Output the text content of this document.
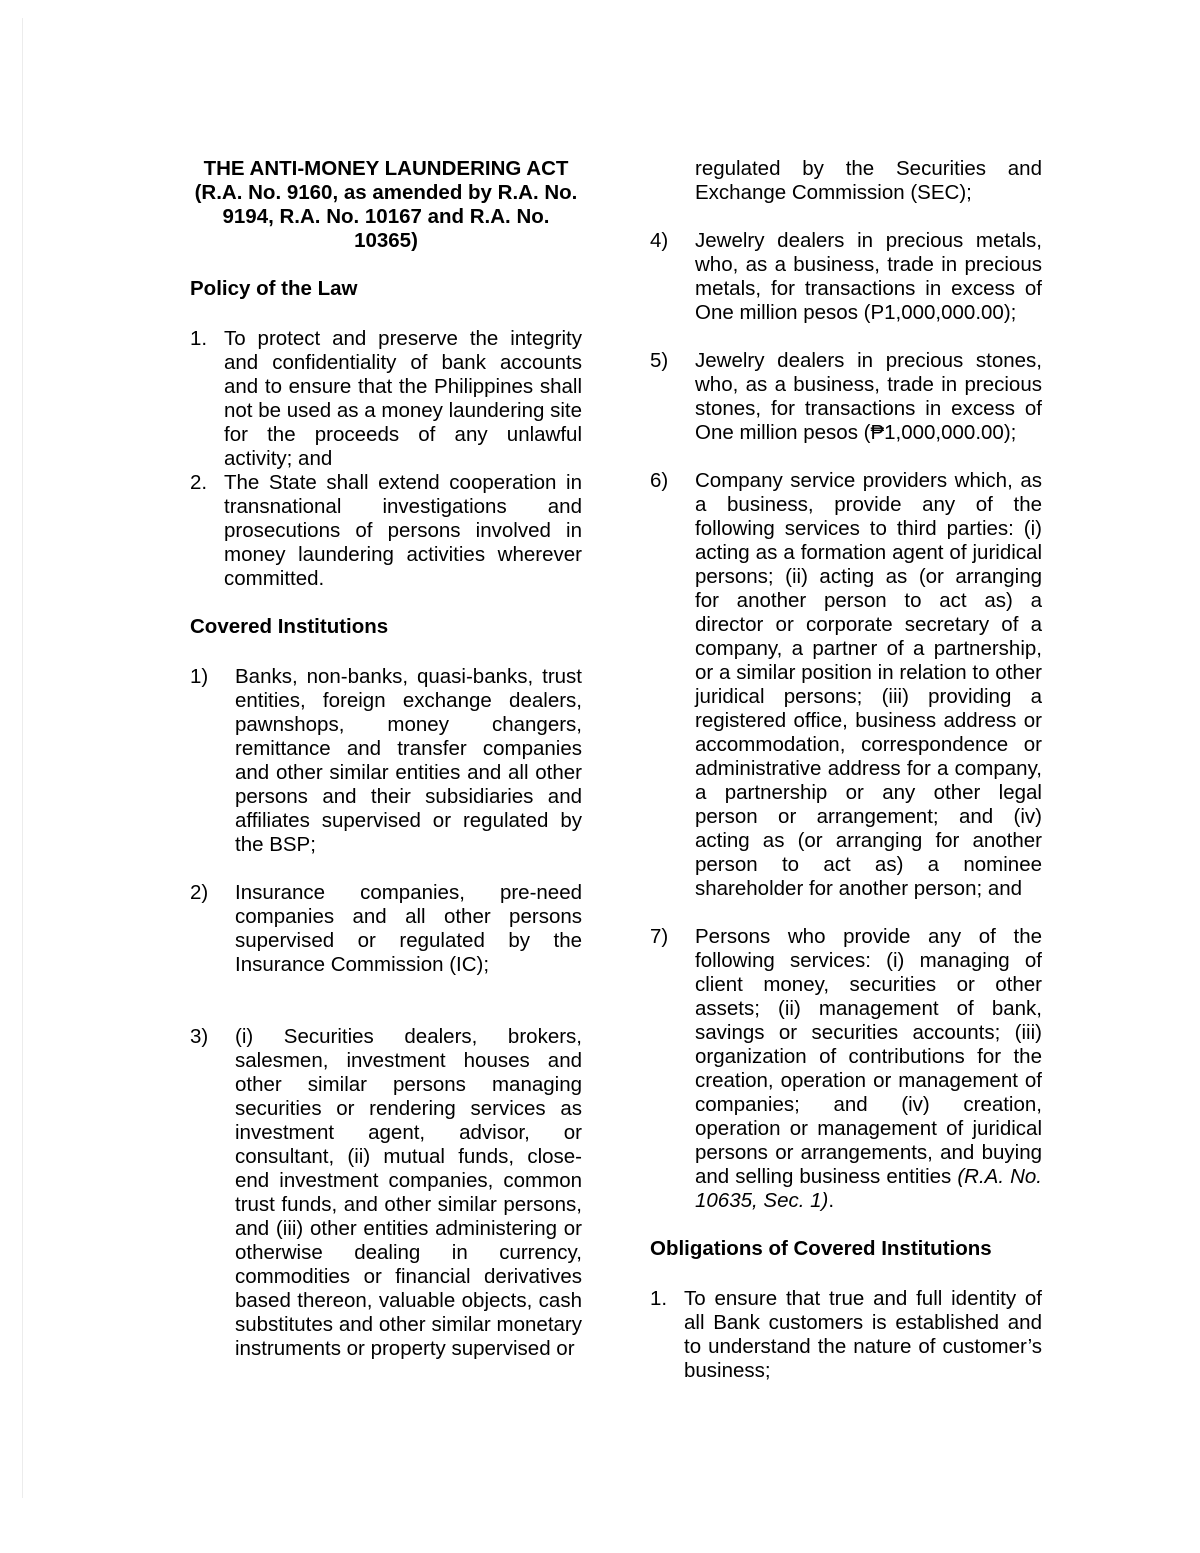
THE ANTI-MONEY LAUNDERING ACT
(R.A. No. 9160, as amended by R.A. No.
9194, R.A. No. 10167 and R.A. No.
10365)

Policy of the Law

1. To protect and preserve the integrity and confidentiality of bank accounts and to ensure that the Philippines shall not be used as a money laundering site for the proceeds of any unlawful activity; and
2. The State shall extend cooperation in transnational investigations and prosecutions of persons involved in money laundering activities wherever committed.

Covered Institutions

1) Banks, non-banks, quasi-banks, trust entities, foreign exchange dealers, pawnshops, money changers, remittance and transfer companies and other similar entities and all other persons and their subsidiaries and affiliates supervised or regulated by the BSP;
2) Insurance companies, pre-need companies and all other persons supervised or regulated by the Insurance Commission (IC);
3) (i) Securities dealers, brokers, salesmen, investment houses and other similar persons managing securities or rendering services as investment agent, advisor, or consultant, (ii) mutual funds, close-end investment companies, common trust funds, and other similar persons, and (iii) other entities administering or otherwise dealing in currency, commodities or financial derivatives based thereon, valuable objects, cash substitutes and other similar monetary instruments or property supervised or
regulated by the Securities and Exchange Commission (SEC);
4) Jewelry dealers in precious metals, who, as a business, trade in precious metals, for transactions in excess of One million pesos (P1,000,000.00);
5) Jewelry dealers in precious stones, who, as a business, trade in precious stones, for transactions in excess of One million pesos (₱1,000,000.00);
6) Company service providers which, as a business, provide any of the following services to third parties: (i) acting as a formation agent of juridical persons; (ii) acting as (or arranging for another person to act as) a director or corporate secretary of a company, a partner of a partnership, or a similar position in relation to other juridical persons; (iii) providing a registered office, business address or accommodation, correspondence or administrative address for a company, a partnership or any other legal person or arrangement; and (iv) acting as (or arranging for another person to act as) a nominee shareholder for another person; and
7) Persons who provide any of the following services: (i) managing of client money, securities or other assets; (ii) management of bank, savings or securities accounts; (iii) organization of contributions for the creation, operation or management of companies; and (iv) creation, operation or management of juridical persons or arrangements, and buying and selling business entities (R.A. No. 10635, Sec. 1).

Obligations of Covered Institutions

1. To ensure that true and full identity of all Bank customers is established and to understand the nature of customer’s business;
